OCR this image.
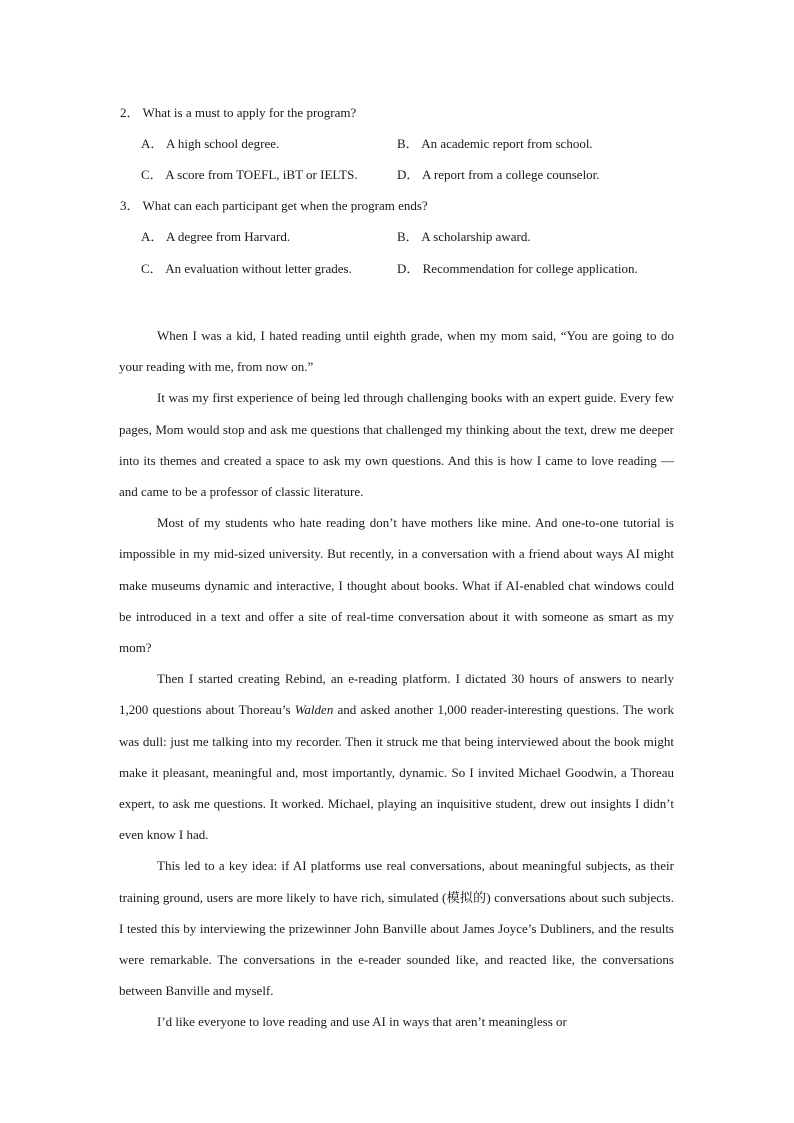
2． What is a must to apply for the program?
A． A high school degree.	B． An academic report from school.
C． A score from TOEFL, iBT or IELTS.	D． A report from a college counselor.
3． What can each participant get when the program ends?
A． A degree from Harvard.	B． A scholarship award.
C． An evaluation without letter grades.	D． Recommendation for college application.

When I was a kid, I hated reading until eighth grade, when my mom said, “You are going to do your reading with me, from now on.”

It was my first experience of being led through challenging books with an expert guide. Every few pages, Mom would stop and ask me questions that challenged my thinking about the text, drew me deeper into its themes and created a space to ask my own questions. And this is how I came to love reading — and came to be a professor of classic literature.

Most of my students who hate reading don’t have mothers like mine. And one-to-one tutorial is impossible in my mid-sized university. But recently, in a conversation with a friend about ways AI might make museums dynamic and interactive, I thought about books. What if AI-enabled chat windows could be introduced in a text and offer a site of real-time conversation about it with someone as smart as my mom?

Then I started creating Rebind, an e-reading platform. I dictated 30 hours of answers to nearly 1,200 questions about Thoreau’s Walden and asked another 1,000 reader-interesting questions. The work was dull: just me talking into my recorder. Then it struck me that being interviewed about the book might make it pleasant, meaningful and, most importantly, dynamic. So I invited Michael Goodwin, a Thoreau expert, to ask me questions. It worked. Michael, playing an inquisitive student, drew out insights I didn’t even know I had.

This led to a key idea: if AI platforms use real conversations, about meaningful subjects, as their training ground, users are more likely to have rich, simulated (模拟的) conversations about such subjects. I tested this by interviewing the prizewinner John Banville about James Joyce’s Dubliners, and the results were remarkable. The conversations in the e-reader sounded like, and reacted like, the conversations between Banville and myself.

I’d like everyone to love reading and use AI in ways that aren’t meaningless or
